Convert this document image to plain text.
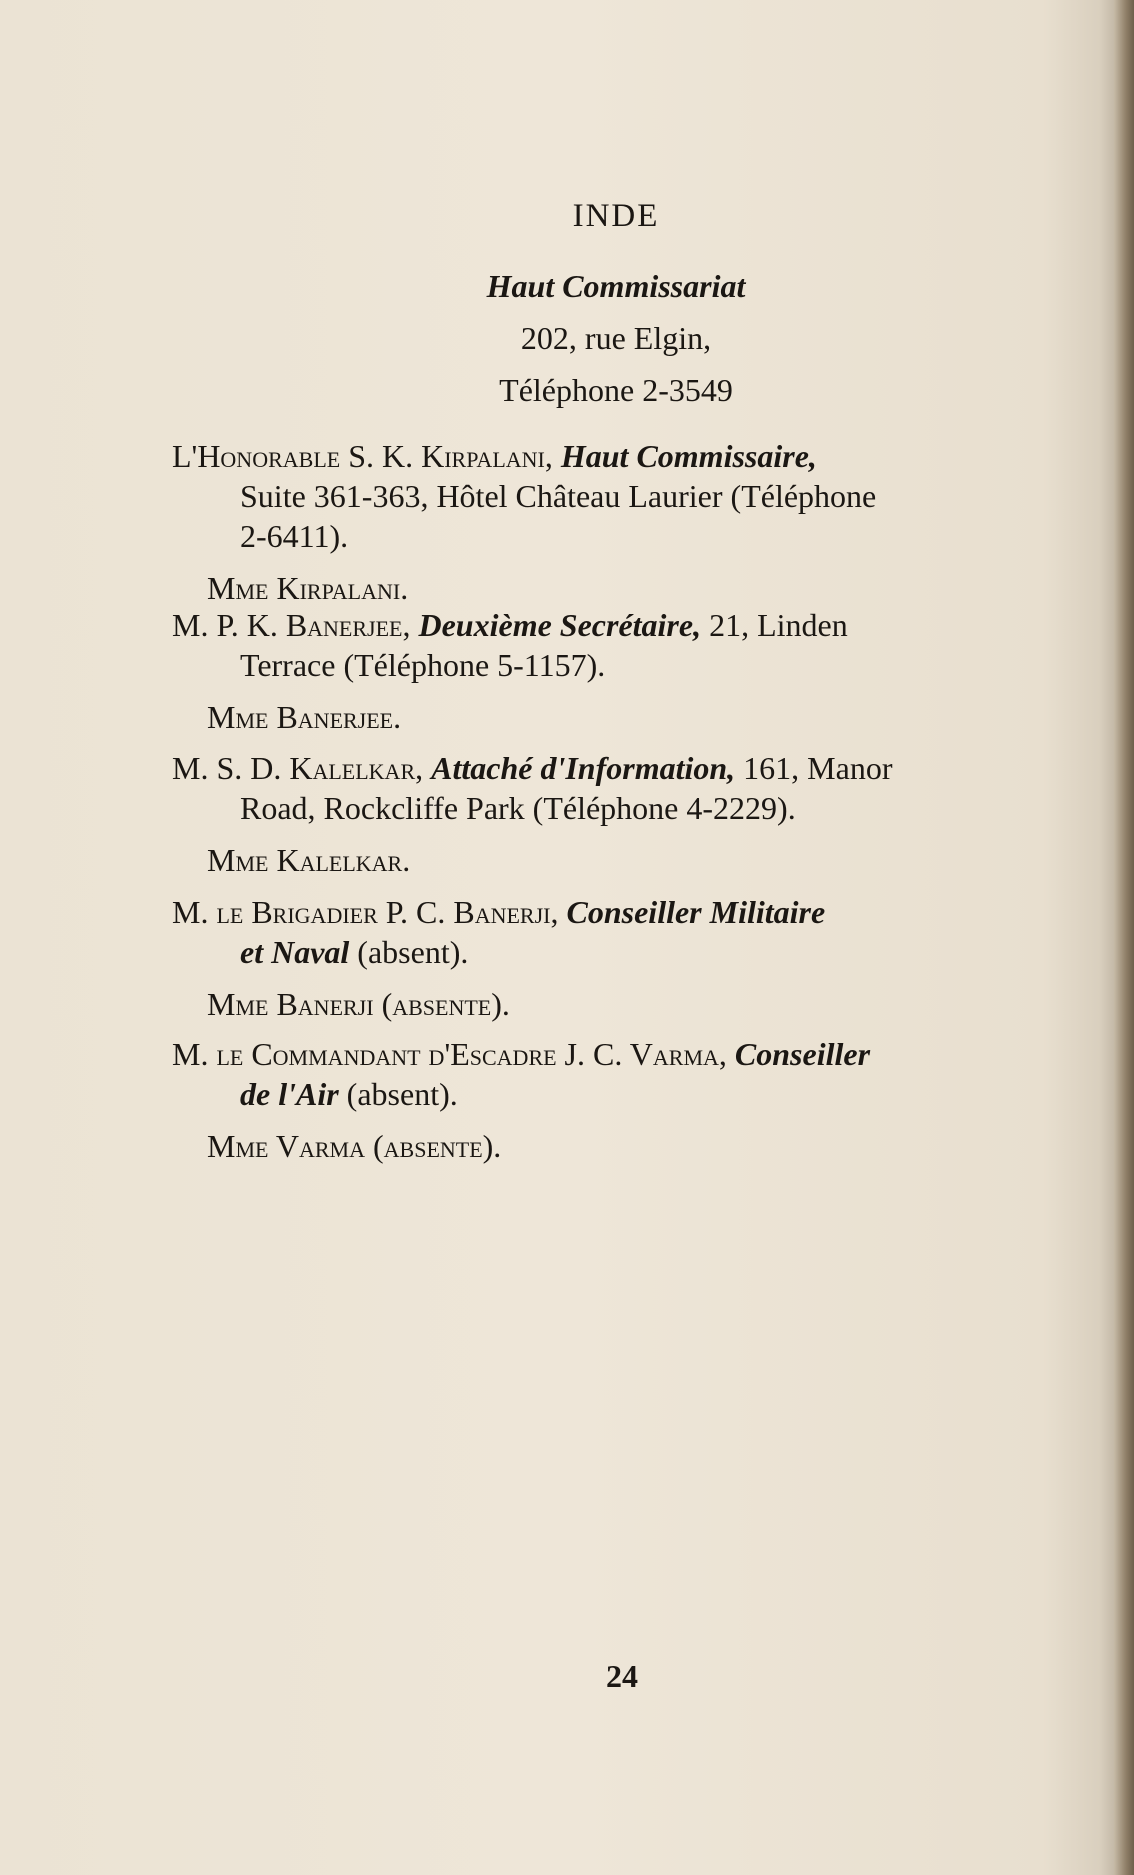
INDE
Haut Commissariat
202, rue Elgin,
Téléphone 2-3549
L'Honorable S. K. Kirpalani, Haut Commissaire,
Suite 361-363, Hôtel Château Laurier (Téléphone
2-6411).
Mme Kirpalani.
M. P. K. Banerjee, Deuxième Secrétaire, 21, Linden
Terrace (Téléphone 5-1157).
Mme Banerjee.
M. S. D. Kalelkar, Attaché d'Information, 161, Manor
Road, Rockcliffe Park (Téléphone 4-2229).
Mme Kalelkar.
M. le Brigadier P. C. Banerji, Conseiller Militaire
et Naval (absent).
Mme Banerji (absente).
M. le Commandant d'Escadre J. C. Varma, Conseiller
de l'Air (absent).
Mme Varma (absente).
24
